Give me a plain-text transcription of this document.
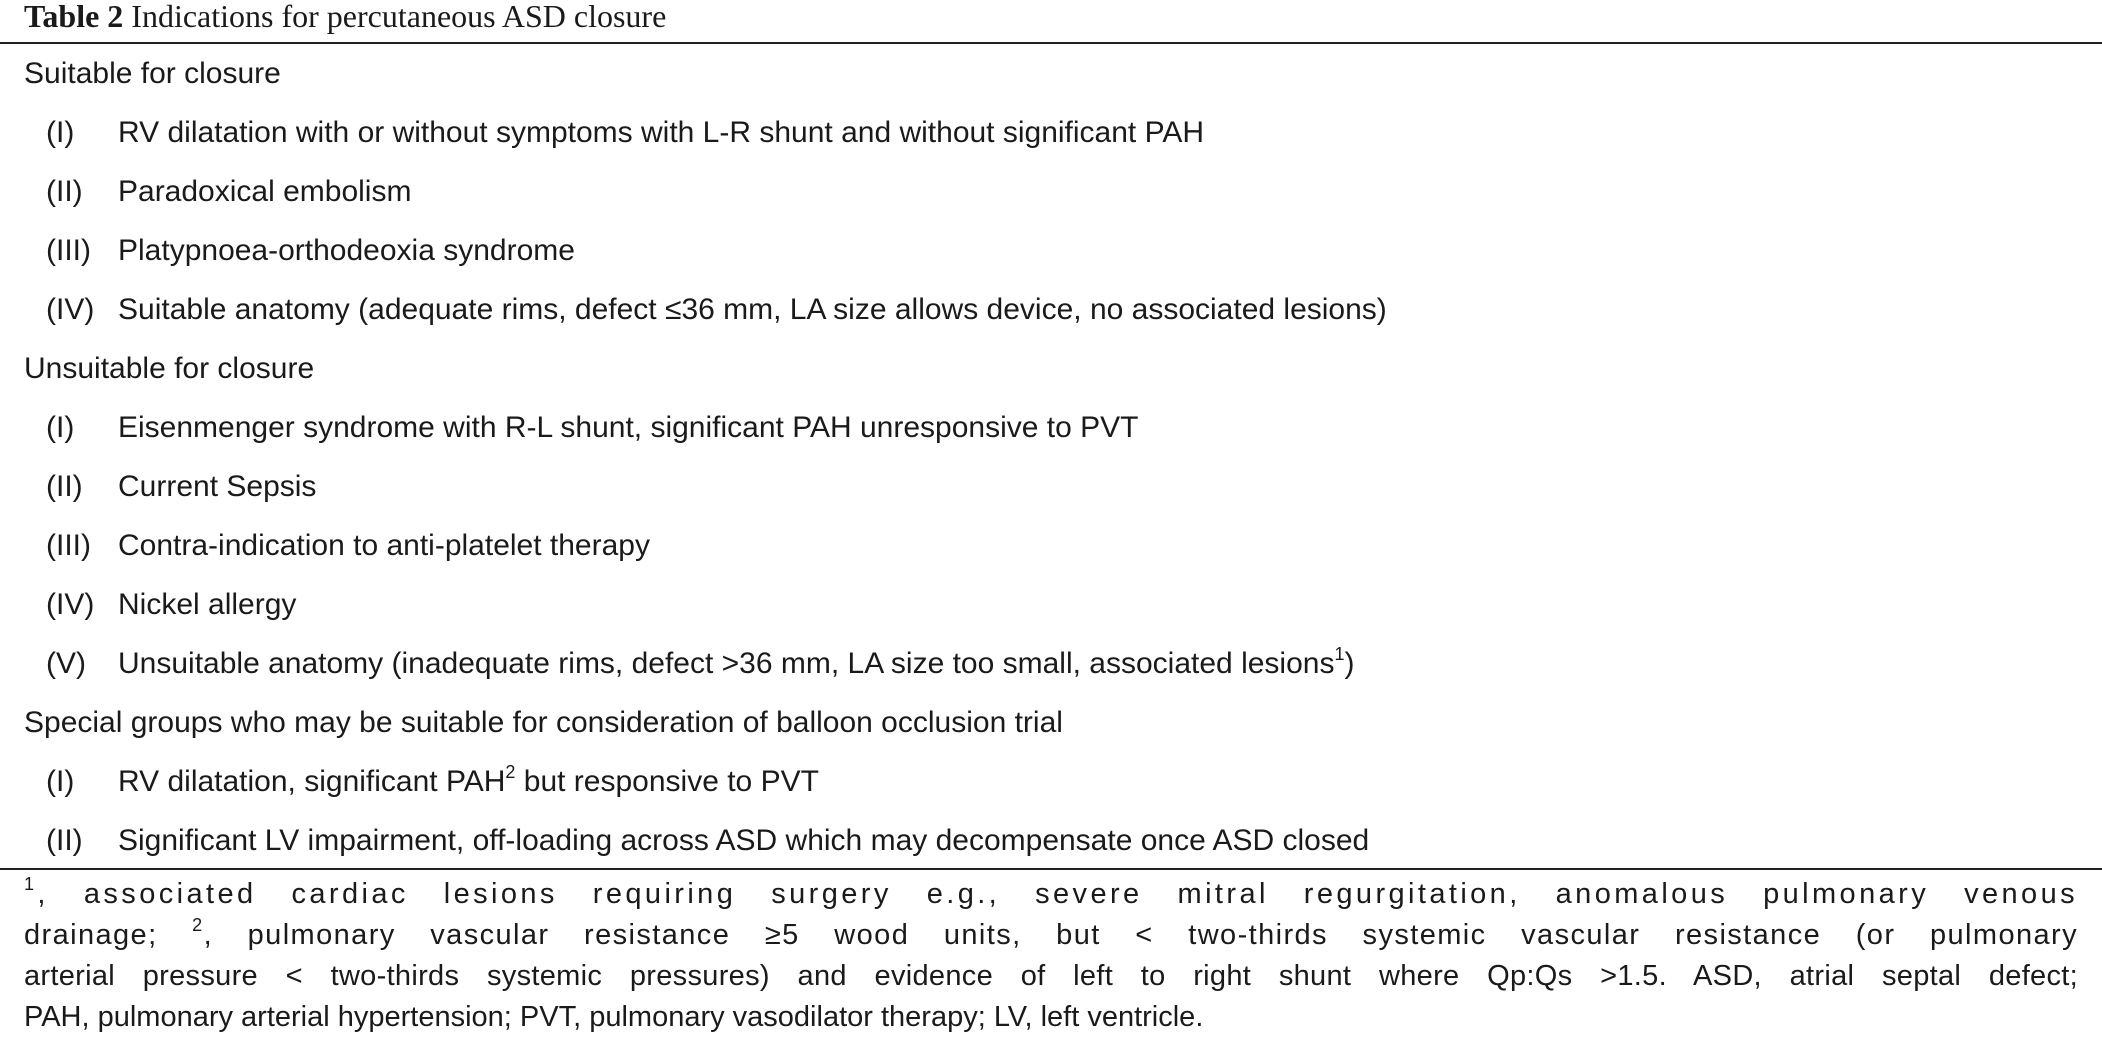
Table 2 Indications for percutaneous ASD closure
Suitable for closure
(I) RV dilatation with or without symptoms with L-R shunt and without significant PAH
(II) Paradoxical embolism
(III) Platypnoea-orthodeoxia syndrome
(IV) Suitable anatomy (adequate rims, defect ≤36 mm, LA size allows device, no associated lesions)
Unsuitable for closure
(I) Eisenmenger syndrome with R-L shunt, significant PAH unresponsive to PVT
(II) Current Sepsis
(III) Contra-indication to anti-platelet therapy
(IV) Nickel allergy
(V) Unsuitable anatomy (inadequate rims, defect >36 mm, LA size too small, associated lesions$^1$)
Special groups who may be suitable for consideration of balloon occlusion trial
(I) RV dilatation, significant PAH$^2$ but responsive to PVT
(II) Significant LV impairment, off-loading across ASD which may decompensate once ASD closed
$^1$, associated cardiac lesions requiring surgery e.g., severe mitral regurgitation, anomalous pulmonary venous
drainage; $^2$, pulmonary vascular resistance ≥5 wood units, but < two-thirds systemic vascular resistance (or pulmonary
arterial pressure < two-thirds systemic pressures) and evidence of left to right shunt where Qp:Qs >1.5. ASD, atrial septal defect;
PAH, pulmonary arterial hypertension; PVT, pulmonary vasodilator therapy; LV, left ventricle.
